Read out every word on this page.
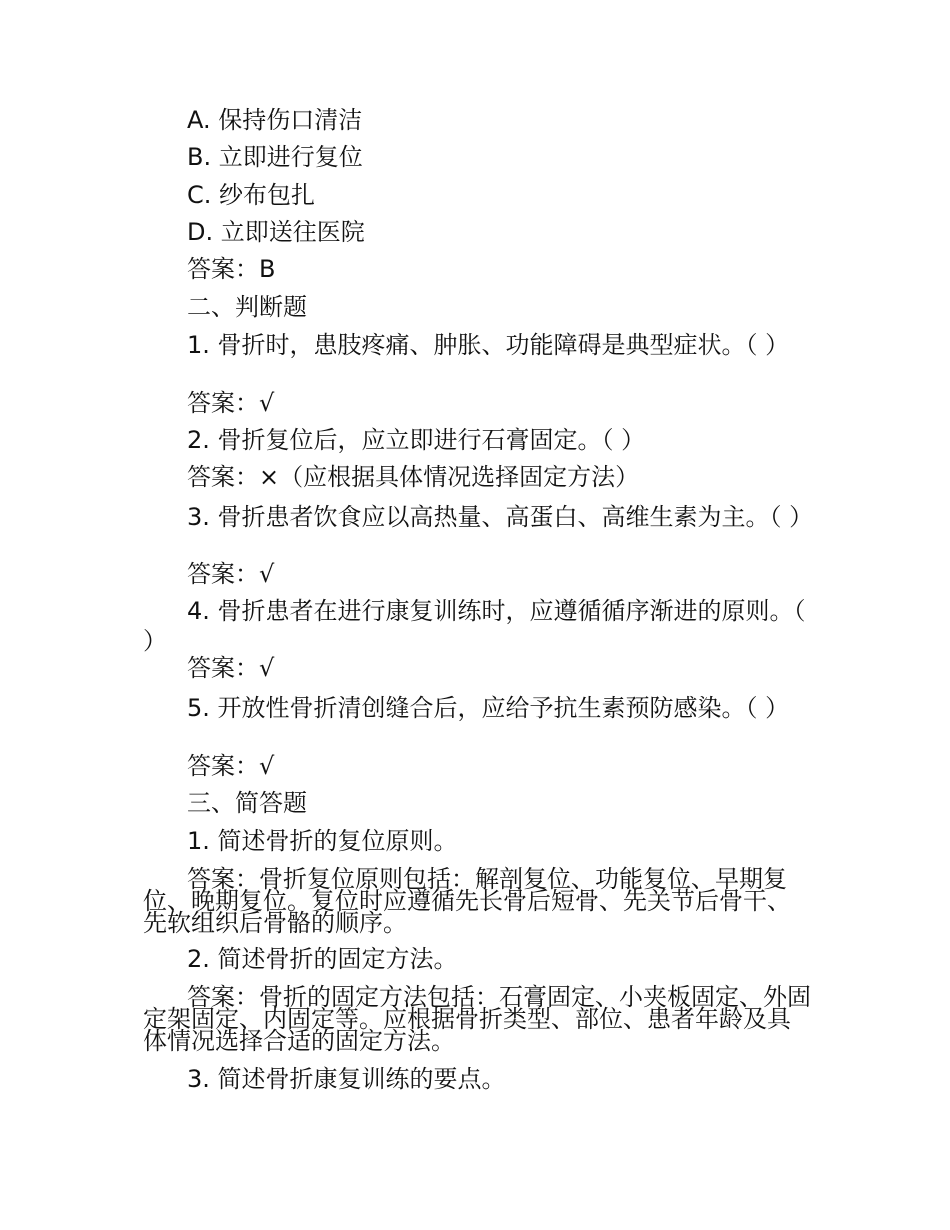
A. 保持伤口清洁
B. 立即进行复位
C. 纱布包扎
D. 立即送往医院
答案：B
二、判断题
1. 骨折时，患肢疼痛、肿胀、功能障碍是典型症状。（ ）
答案：√
2. 骨折复位后，应立即进行石膏固定。（ ）
答案：×（应根据具体情况选择固定方法）
3. 骨折患者饮食应以高热量、高蛋白、高维生素为主。（ ）
答案：√
4. 骨折患者在进行康复训练时，应遵循循序渐进的原则。（ ）
答案：√
5. 开放性骨折清创缝合后，应给予抗生素预防感染。（ ）
答案：√
三、简答题
1. 简述骨折的复位原则。
答案：骨折复位原则包括：解剖复位、功能复位、早期复位、晚期复位。复位时应遵循先长骨后短骨、先关节后骨干、先软组织后骨骼的顺序。
2. 简述骨折的固定方法。
答案：骨折的固定方法包括：石膏固定、小夹板固定、外固定架固定、内固定等。应根据骨折类型、部位、患者年龄及具体情况选择合适的固定方法。
3. 简述骨折康复训练的要点。
